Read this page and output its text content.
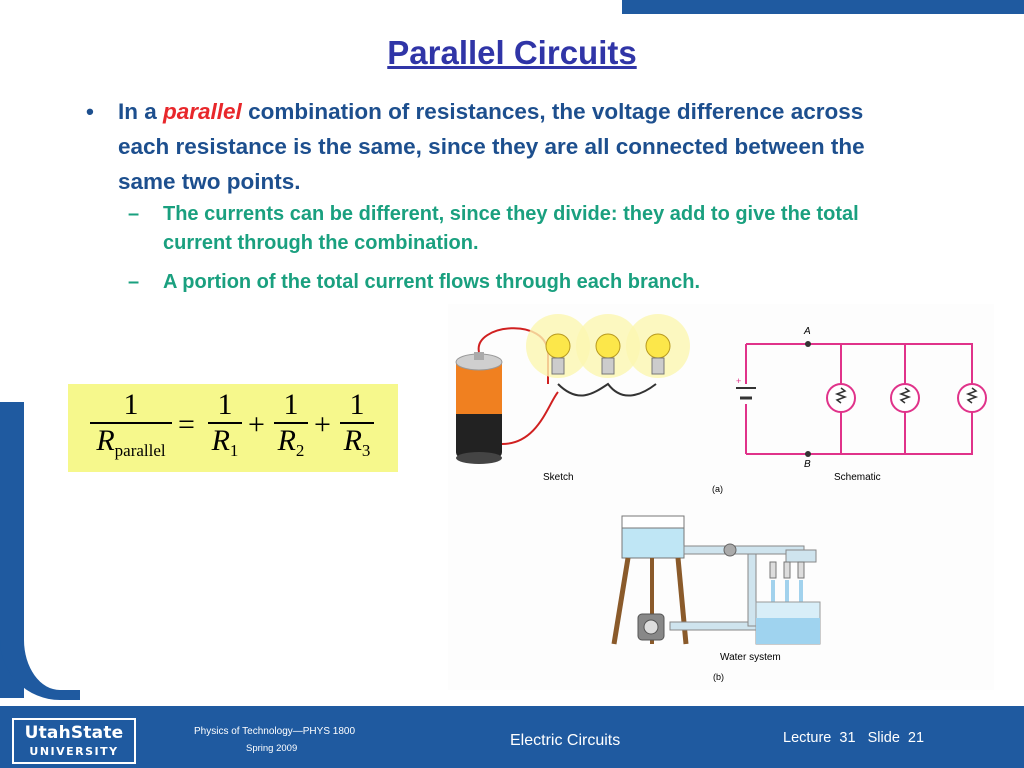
Parallel Circuits
• In a parallel combination of resistances, the voltage difference across each resistance is the same, since they are all connected between the same two points.
– The currents can be different, since they divide: they add to give the total current through the combination.
– A portion of the total current flows through each branch.
1
$R_{parallel}$
=
1
$R_1$
+
1
$R_2$
+
1
$R_3$
Sketch
A
B
+
Schematic
(a)
Water system
(b)
UtahState
UNIVERSITY
Physics of Technology—PHYS 1800
Spring 2009	Electric Circuits	Lecture  31   Slide  21
